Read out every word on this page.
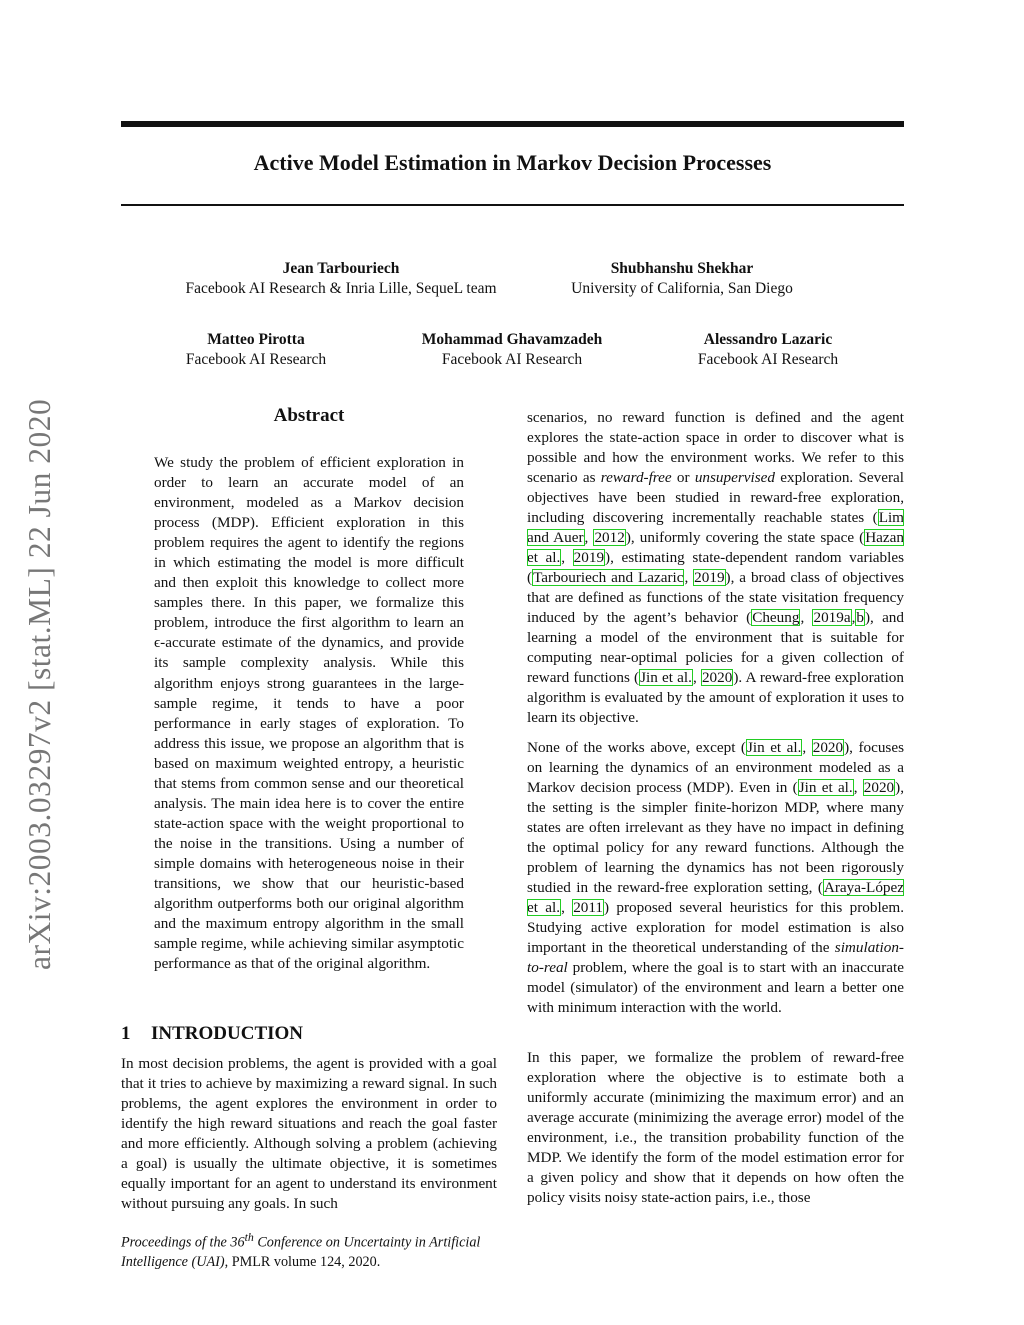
arXiv:2003.03297v2 [stat.ML] 22 Jun 2020
Active Model Estimation in Markov Decision Processes
Jean Tarbouriech
Facebook AI Research & Inria Lille, SequeL team
Shubhanshu Shekhar
University of California, San Diego
Matteo Pirotta
Facebook AI Research
Mohammad Ghavamzadeh
Facebook AI Research
Alessandro Lazaric
Facebook AI Research
Abstract

We study the problem of efficient exploration in order to learn an accurate model of an environment, modeled as a Markov decision process (MDP). Efficient exploration in this problem requires the agent to identify the regions in which estimating the model is more difficult and then exploit this knowledge to collect more samples there. In this paper, we formalize this problem, introduce the first algorithm to learn an ϵ-accurate estimate of the dynamics, and provide its sample complexity analysis. While this algorithm enjoys strong guarantees in the large-sample regime, it tends to have a poor performance in early stages of exploration. To address this issue, we propose an algorithm that is based on maximum weighted entropy, a heuristic that stems from common sense and our theoretical analysis. The main idea here is to cover the entire state-action space with the weight proportional to the noise in the transitions. Using a number of simple domains with heterogeneous noise in their transitions, we show that our heuristic-based algorithm outperforms both our original algorithm and the maximum entropy algorithm in the small sample regime, while achieving similar asymptotic performance as that of the original algorithm.

1 INTRODUCTION

In most decision problems, the agent is provided with a goal that it tries to achieve by maximizing a reward signal. In such problems, the agent explores the environment in order to identify the high reward situations and reach the goal faster and more efficiently. Although solving a problem (achieving a goal) is usually the ultimate objective, it is sometimes equally important for an agent to understand its environment without pursuing any goals. In such

Proceedings of the 36th Conference on Uncertainty in Artificial Intelligence (UAI), PMLR volume 124, 2020.

scenarios, no reward function is defined and the agent explores the state-action space in order to discover what is possible and how the environment works. We refer to this scenario as reward-free or unsupervised exploration. Several objectives have been studied in reward-free exploration, including discovering incrementally reachable states (Lim and Auer, 2012), uniformly covering the state space (Hazan et al., 2019), estimating state-dependent random variables (Tarbouriech and Lazaric, 2019), a broad class of objectives that are defined as functions of the state visitation frequency induced by the agent’s behavior (Cheung, 2019a,b), and learning a model of the environment that is suitable for computing near-optimal policies for a given collection of reward functions (Jin et al., 2020). A reward-free exploration algorithm is evaluated by the amount of exploration it uses to learn its objective.

None of the works above, except (Jin et al., 2020), focuses on learning the dynamics of an environment modeled as a Markov decision process (MDP). Even in (Jin et al., 2020), the setting is the simpler finite-horizon MDP, where many states are often irrelevant as they have no impact in defining the optimal policy for any reward functions. Although the problem of learning the dynamics has not been rigorously studied in the reward-free exploration setting, (Araya-López et al., 2011) proposed several heuristics for this problem. Studying active exploration for model estimation is also important in the theoretical understanding of the simulation-to-real problem, where the goal is to start with an inaccurate model (simulator) of the environment and learn a better one with minimum interaction with the world.

In this paper, we formalize the problem of reward-free exploration where the objective is to estimate both a uniformly accurate (minimizing the maximum error) and an average accurate (minimizing the average error) model of the environment, i.e., the transition probability function of the MDP. We identify the form of the model estimation error for a given policy and show that it depends on how often the policy visits noisy state-action pairs, i.e., those
